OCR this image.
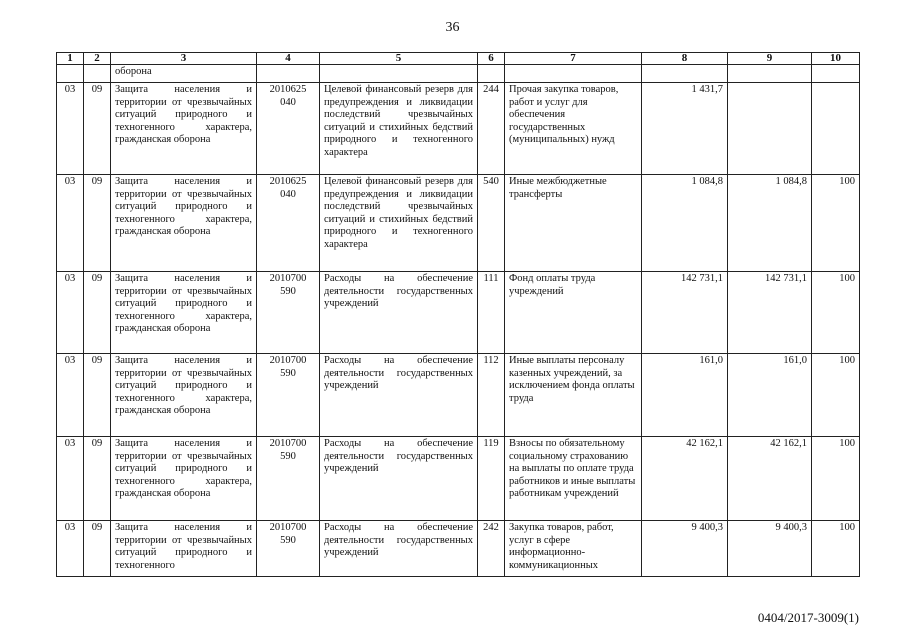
36
1	2	3	4	5	6	7	8	9	10
		оборона							
03	09	Защита населения и территории от чрезвычайных ситуаций природного и техногенного характера, гражданская оборона	2010625 040	Целевой финансовый резерв для предупреждения и ликвидации последствий чрезвычайных ситуаций и стихийных бедствий природного и техногенного характера	244	Прочая закупка товаров, работ и услуг для обеспечения государственных (муниципальных) нужд	1 431,7		
03	09	Защита населения и территории от чрезвычайных ситуаций природного и техногенного характера, гражданская оборона	2010625 040	Целевой финансовый резерв для предупреждения и ликвидации последствий чрезвычайных ситуаций и стихийных бедствий природного и техногенного характера	540	Иные межбюджетные трансферты	1 084,8	1 084,8	100
03	09	Защита населения и территории от чрезвычайных ситуаций природного и техногенного характера, гражданская оборона	2010700 590	Расходы на обеспечение деятельности государственных учреждений	111	Фонд оплаты труда учреждений	142 731,1	142 731,1	100
03	09	Защита населения и территории от чрезвычайных ситуаций природного и техногенного характера, гражданская оборона	2010700 590	Расходы на обеспечение деятельности государственных учреждений	112	Иные выплаты персоналу казенных учреждений, за исключением фонда оплаты труда	161,0	161,0	100
03	09	Защита населения и территории от чрезвычайных ситуаций природного и техногенного характера, гражданская оборона	2010700 590	Расходы на обеспечение деятельности государственных учреждений	119	Взносы по обязательному социальному страхованию на выплаты по оплате труда работников и иные выплаты работникам учреждений	42 162,1	42 162,1	100
03	09	Защита населения и территории от чрезвычайных ситуаций природного и техногенного	2010700 590	Расходы на обеспечение деятельности государственных учреждений	242	Закупка товаров, работ, услуг в сфере информационно-коммуникационных	9 400,3	9 400,3	100
0404/2017-3009(1)
